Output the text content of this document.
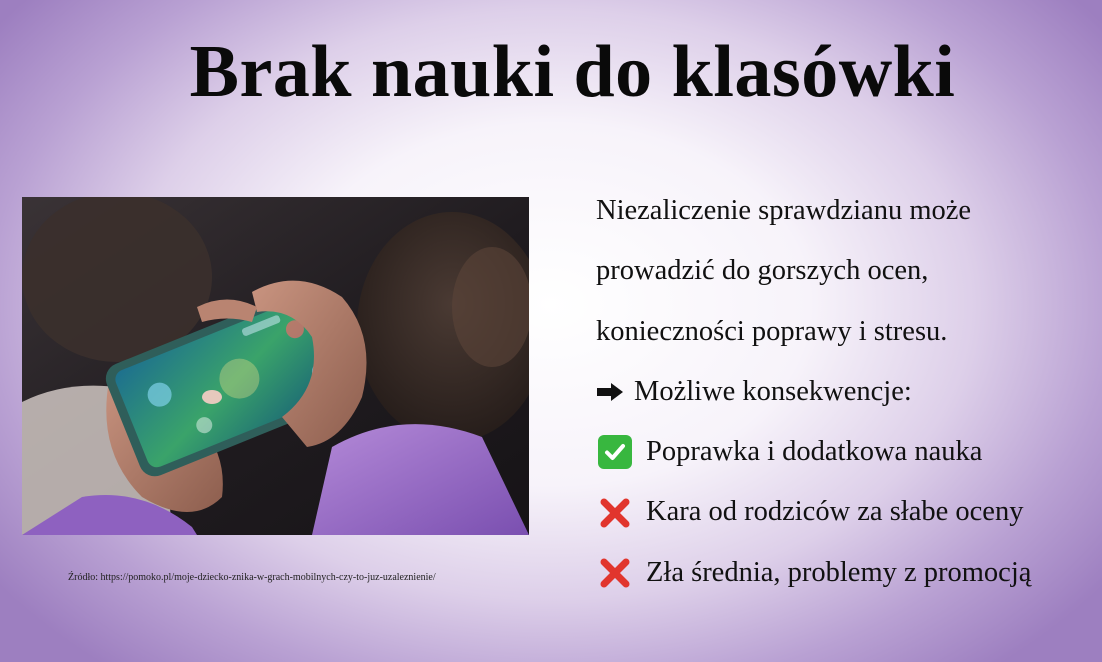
Brak nauki do klasówki
Źródło: https://pomoko.pl/moje-dziecko-znika-w-grach-mobilnych-czy-to-juz-uzaleznienie/
Niezaliczenie sprawdzianu może
prowadzić do gorszych ocen,
konieczności poprawy i stresu.
Możliwe konsekwencje:
Poprawka i dodatkowa nauka
Kara od rodziców za słabe oceny
Zła średnia, problemy z promocją
